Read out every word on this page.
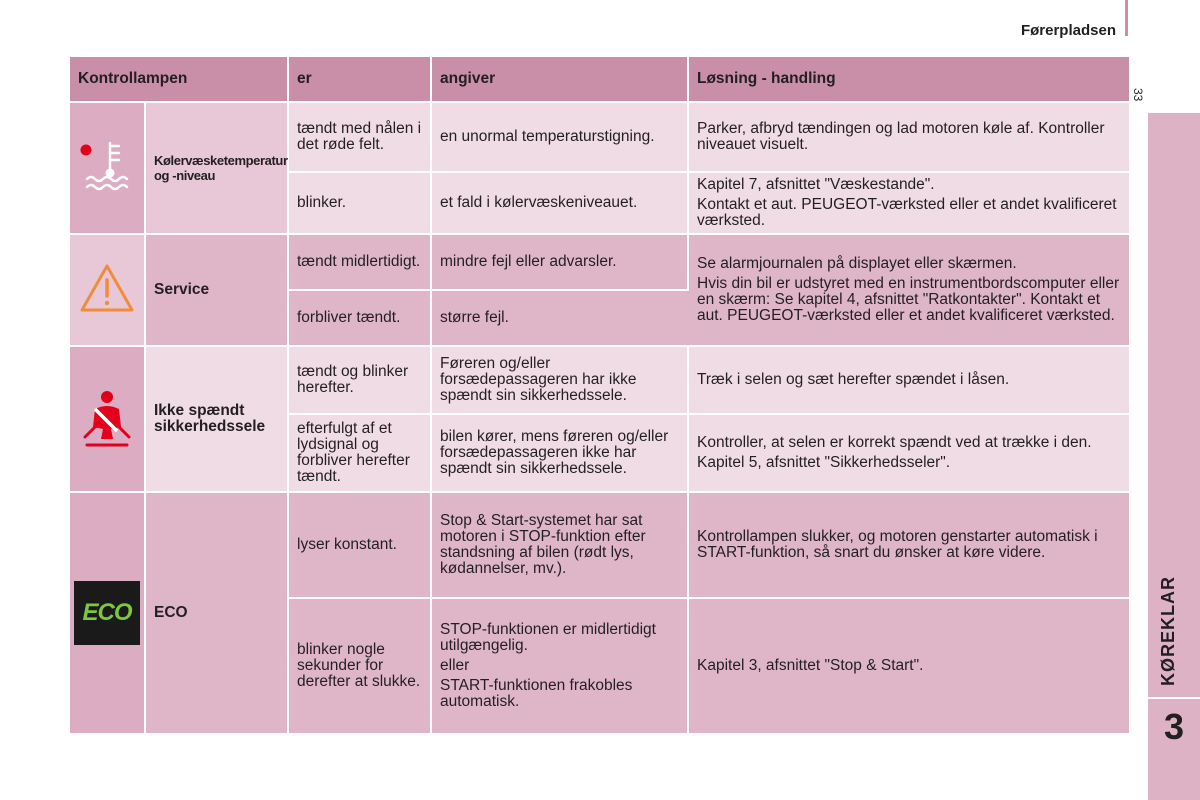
Førerpladsen
33
KØREKLAR
3
Kontrollampen		er	angiver	Løsning - handling
	Kølervæsketemperatur og -niveau	tændt med nålen i det røde felt.	en unormal temperaturstigning.	Parker, afbryd tændingen og lad motoren køle af. Kontroller niveauet visuelt.
		blinker.	et fald i kølervæskeniveauet.	Kapitel 7, afsnittet "Væskestande".
Kontakt et aut. PEUGEOT-værksted eller et andet kvalificeret værksted.

	Service	tændt midlertidigt.	mindre fejl eller advarsler.	Se alarmjournalen på displayet eller skærmen.
Hvis din bil er udstyret med en instrumentbordscomputer eller en skærm: Se kapitel 4, afsnittet "Ratkontakter". Kontakt et aut. PEUGEOT-værksted eller et andet kvalificeret værksted.

		forbliver tændt.	større fejl.	
	Ikke spændt sikkerhedssele	tændt og blinker herefter.	Føreren og/eller forsædepassageren har ikke spændt sin sikkerhedssele.	Træk i selen og sæt herefter spændet i låsen.
		efterfulgt af et lydsignal og forbliver herefter tændt.	bilen kører, mens føreren og/eller forsædepassageren ikke har spændt sin sikkerhedssele.	Kontroller, at selen er korrekt spændt ved at trække i den.
Kapitel 5, afsnittet "Sikkerhedsseler".

ECO	ECO	lyser konstant.	Stop & Start-systemet har sat motoren i STOP-funktion efter standsning af bilen (rødt lys, kødannelser, mv.).	Kontrollampen slukker, og motoren genstarter automatisk i START-funktion, så snart du ønsker at køre videre.
		blinker nogle sekunder for derefter at slukke.	STOP-funktionen er midlertidigt utilgængelig.
eller
START-funktionen frakobles automatisk.	Kapitel 3, afsnittet "Stop & Start".
